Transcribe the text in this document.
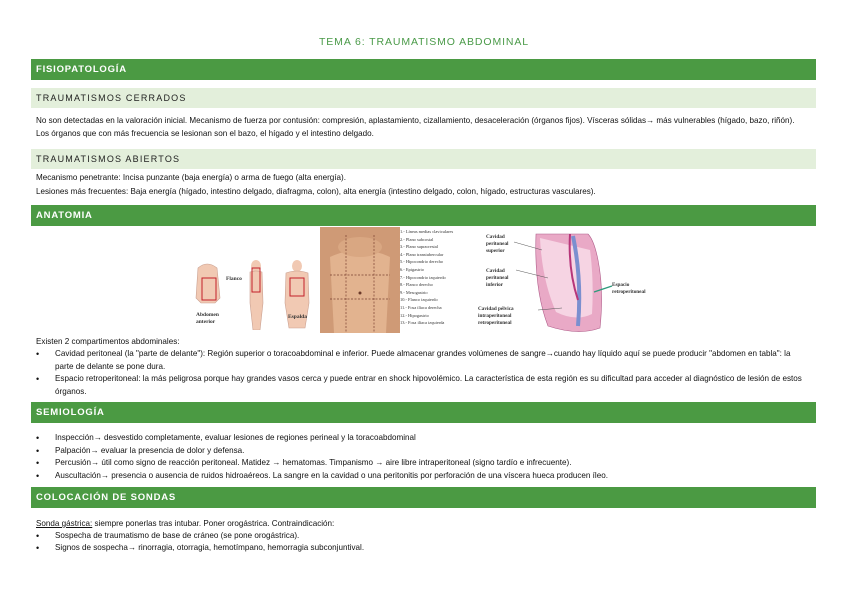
TEMA 6: TRAUMATISMO ABDOMINAL
FISIOPATOLOGÍA
TRAUMATISMOS CERRADOS
No son detectadas en la valoración inicial. Mecanismo de fuerza por contusión: compresión, aplastamiento, cizallamiento, desaceleración (órganos fijos). Vísceras sólidas→ más vulnerables (hígado, bazo, riñón). Los órganos que con más frecuencia se lesionan son el bazo, el hígado y el intestino delgado.
TRAUMATISMOS ABIERTOS
Mecanismo penetrante: Incisa punzante (baja energía) o arma de fuego (alta energía).
Lesiones más frecuentes: Baja energía (hígado, intestino delgado, diafragma, colon), alta energía (intestino delgado, colon, hígado, estructuras vasculares).
ANATOMIA
Flanco
Espalda
Abdomen anterior
1.- Líneas medias claviculares
2.- Plano subcostal
3.- Plano supracrestal
4.- Plano transtubercular
5.- Hipocondrio derecho
6.- Epigastrio
7.- Hipocondrio izquierdo
8.- Flanco derecho
9.- Mesogastrio
10.- Flanco izquierdo
11.- Fosa ilíaca derecha
12.- Hipogastrio
13.- Fosa ilíaca izquierda
Cavidad peritoneal superior
Cavidad peritoneal inferior
Cavidad pélvica intraperitoneal retroperitoneal
Espacio retroperitoneal
Existen 2 compartimentos abdominales:
• Cavidad peritoneal (la "parte de delante"): Región superior o toracoabdominal e inferior. Puede almacenar grandes volúmenes de sangre→cuando hay líquido aquí se puede producir "abdomen en tabla": la parte de delante se pone dura.
• Espacio retroperitoneal: la más peligrosa porque hay grandes vasos cerca y puede entrar en shock hipovolémico. La característica de esta región es su dificultad para acceder al diagnóstico de lesión de estos órganos.
SEMIOLOGÍA
• Inspección→ desvestido completamente, evaluar lesiones de regiones perineal y la toracoabdominal
• Palpación→ evaluar la presencia de dolor y defensa.
• Percusión→ útil como signo de reacción peritoneal. Matidez → hematomas. Timpanismo → aire libre intraperitoneal (signo tardío e infrecuente).
• Auscultación→ presencia o ausencia de ruidos hidroaéreos. La sangre en la cavidad o una peritonitis por perforación de una víscera hueca producen íleo.
COLOCACIÓN DE SONDAS
Sonda gástrica: siempre ponerlas tras intubar. Poner orogástrica. Contraindicación:
• Sospecha de traumatismo de base de cráneo (se pone orogástrica).
• Signos de sospecha→ rinorragia, otorragia, hemotímpano, hemorragia subconjuntival.
